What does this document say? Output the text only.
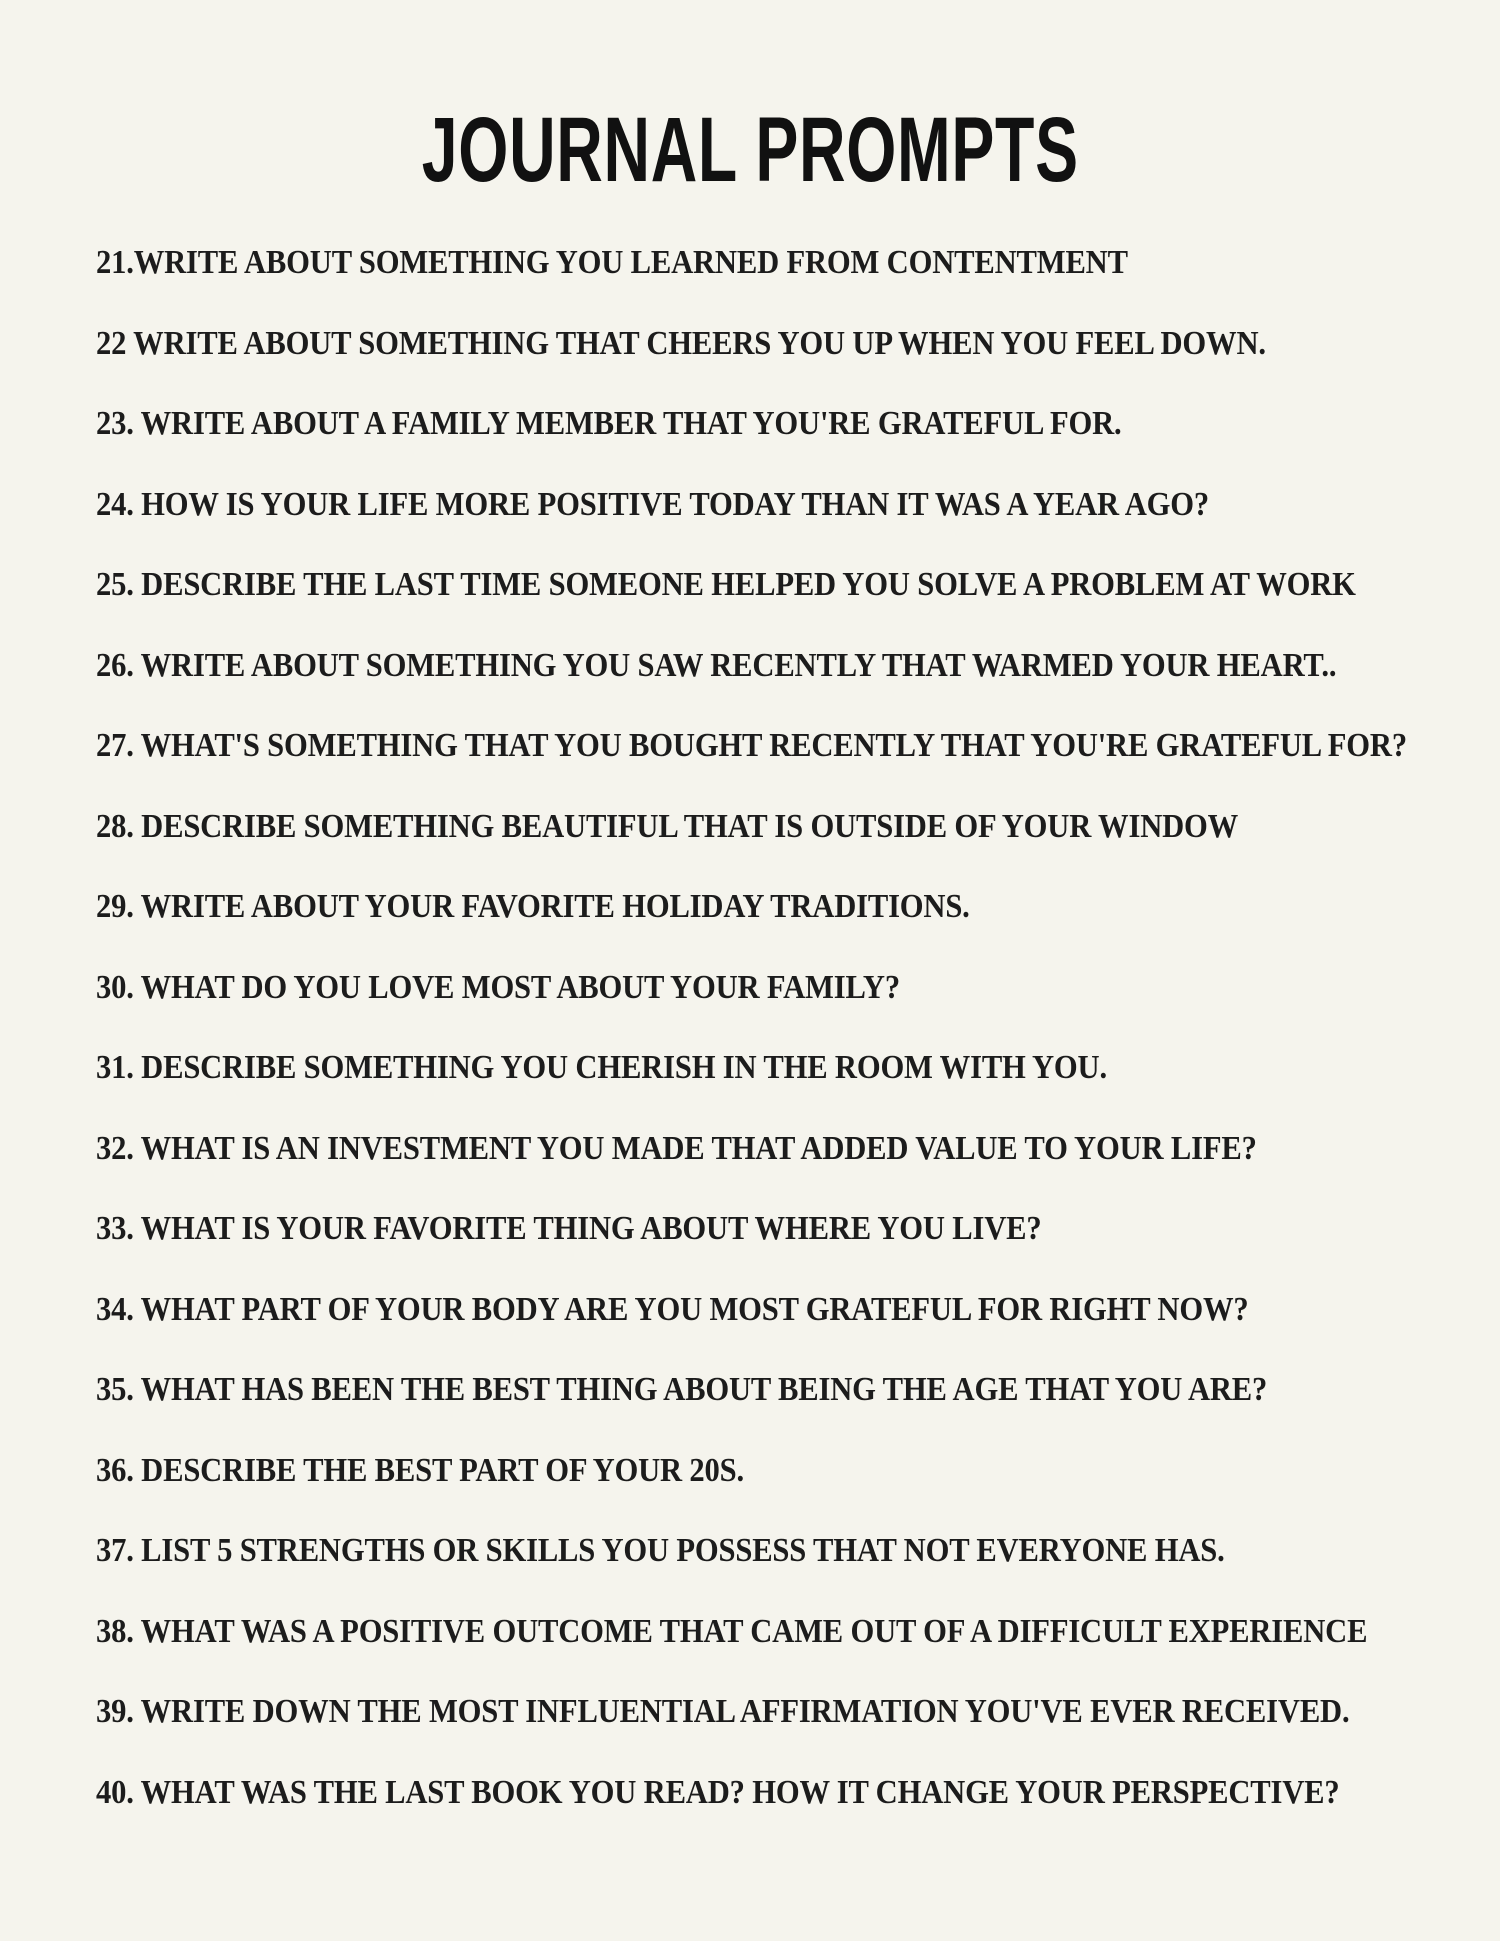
JOURNAL PROMPTS
21.WRITE ABOUT SOMETHING YOU LEARNED FROM CONTENTMENT
22 WRITE ABOUT SOMETHING THAT CHEERS YOU UP WHEN YOU FEEL DOWN.
23. WRITE ABOUT A FAMILY MEMBER THAT YOU'RE GRATEFUL FOR.
24. HOW IS YOUR LIFE MORE POSITIVE TODAY THAN IT WAS A YEAR AGO?
25. DESCRIBE THE LAST TIME SOMEONE HELPED YOU SOLVE A PROBLEM AT WORK
26. WRITE ABOUT SOMETHING YOU SAW RECENTLY THAT WARMED YOUR HEART..
27. WHAT'S SOMETHING THAT YOU BOUGHT RECENTLY THAT YOU'RE GRATEFUL FOR?
28. DESCRIBE SOMETHING BEAUTIFUL THAT IS OUTSIDE OF YOUR WINDOW
29. WRITE ABOUT YOUR FAVORITE HOLIDAY TRADITIONS.
30. WHAT DO YOU LOVE MOST ABOUT YOUR FAMILY?
31. DESCRIBE SOMETHING YOU CHERISH IN THE ROOM WITH YOU.
32. WHAT IS AN INVESTMENT YOU MADE THAT ADDED VALUE TO YOUR LIFE?
33. WHAT IS YOUR FAVORITE THING ABOUT WHERE YOU LIVE?
34. WHAT PART OF YOUR BODY ARE YOU MOST GRATEFUL FOR RIGHT NOW?
35. WHAT HAS BEEN THE BEST THING ABOUT BEING THE AGE THAT YOU ARE?
36. DESCRIBE THE BEST PART OF YOUR 20S.
37. LIST 5 STRENGTHS OR SKILLS YOU POSSESS THAT NOT EVERYONE HAS.
38. WHAT WAS A POSITIVE OUTCOME THAT CAME OUT OF A DIFFICULT EXPERIENCE
39. WRITE DOWN THE MOST INFLUENTIAL AFFIRMATION YOU'VE EVER RECEIVED.
40. WHAT WAS THE LAST BOOK YOU READ? HOW IT CHANGE YOUR PERSPECTIVE?
